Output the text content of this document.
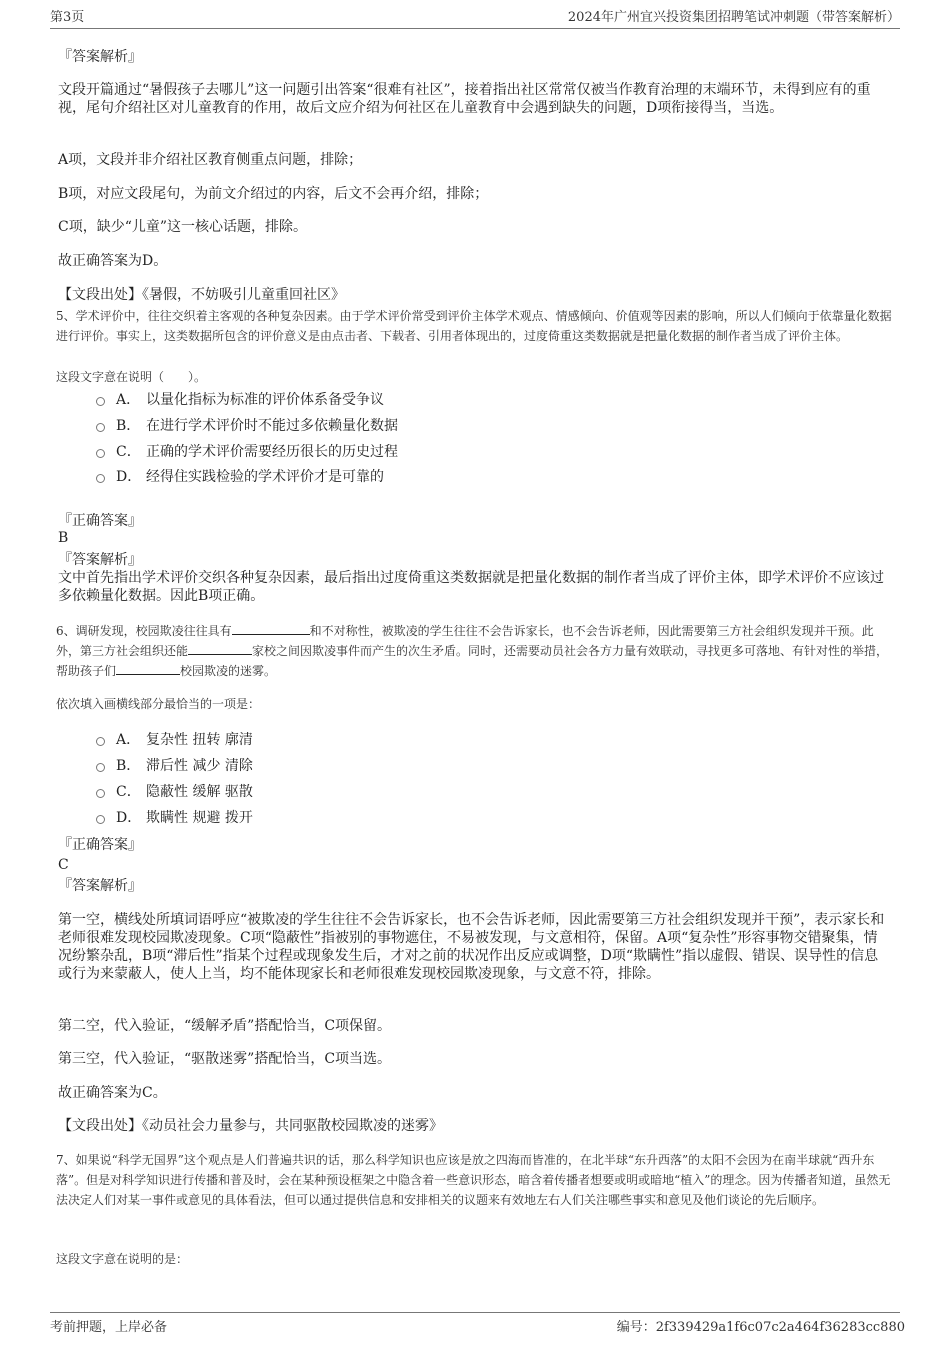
第3页	2024年广州宜兴投资集团招聘笔试冲刺题（带答案解析）
『答案解析』
文段开篇通过“暑假孩子去哪儿”这一问题引出答案“很难有社区”，接着指出社区常常仅被当作教育治理的末端环节，未得到应有的重视，尾句介绍社区对儿童教育的作用，故后文应介绍为何社区在儿童教育中会遇到缺失的问题，D项衔接得当，当选。
A项，文段并非介绍社区教育侧重点问题，排除；
B项，对应文段尾句，为前文介绍过的内容，后文不会再介绍，排除；
C项，缺少“儿童”这一核心话题，排除。
故正确答案为D。
【文段出处】《暑假，不妨吸引儿童重回社区》
5、学术评价中，往往交织着主客观的各种复杂因素。由于学术评价常受到评价主体学术观点、情感倾向、价值观等因素的影响，所以人们倾向于依靠量化数据进行评价。事实上，这类数据所包含的评价意义是由点击者、下载者、引用者体现出的，过度倚重这类数据就是把量化数据的制作者当成了评价主体。
这段文字意在说明（　　）。
A． 以量化指标为标准的评价体系备受争议
B． 在进行学术评价时不能过多依赖量化数据
C． 正确的学术评价需要经历很长的历史过程
D． 经得住实践检验的学术评价才是可靠的
『正确答案』
B
『答案解析』
文中首先指出学术评价交织各种复杂因素，最后指出过度倚重这类数据就是把量化数据的制作者当成了评价主体，即学术评价不应该过多依赖量化数据。因此B项正确。
6、调研发现，校园欺凌往往具有	和不对称性，被欺凌的学生往往不会告诉家长，也不会告诉老师，因此需要第三方社会组织发现并干预。此外，第三方社会组织还能	家校之间因欺凌事件而产生的次生矛盾。同时，还需要动员社会各方力量有效联动，寻找更多可落地、有针对性的举措，帮助孩子们	校园欺凌的迷雾。
依次填入画横线部分最恰当的一项是：
A． 复杂性 扭转 廓清
B． 滞后性 减少 清除
C． 隐蔽性 缓解 驱散
D． 欺瞒性 规避 拨开
『正确答案』
C
『答案解析』
第一空，横线处所填词语呼应“被欺凌的学生往往不会告诉家长，也不会告诉老师，因此需要第三方社会组织发现并干预”，表示家长和老师很难发现校园欺凌现象。C项“隐蔽性”指被别的事物遮住，不易被发现，与文意相符，保留。A项“复杂性”形容事物交错聚集，情况纷繁杂乱，B项“滞后性”指某个过程或现象发生后，才对之前的状况作出反应或调整，D项“欺瞒性”指以虚假、错误、误导性的信息或行为来蒙蔽人，使人上当，均不能体现家长和老师很难发现校园欺凌现象，与文意不符，排除。
第二空，代入验证，“缓解矛盾”搭配恰当，C项保留。
第三空，代入验证，“驱散迷雾”搭配恰当，C项当选。
故正确答案为C。
【文段出处】《动员社会力量参与，共同驱散校园欺凌的迷雾》
7、如果说“科学无国界”这个观点是人们普遍共识的话，那么科学知识也应该是放之四海而皆准的，在北半球“东升西落”的太阳不会因为在南半球就“西升东落”。但是对科学知识进行传播和普及时，会在某种预设框架之中隐含着一些意识形态，暗含着传播者想要或明或暗地“植入”的理念。因为传播者知道，虽然无法决定人们对某一事件或意见的具体看法，但可以通过提供信息和安排相关的议题来有效地左右人们关注哪些事实和意见及他们谈论的先后顺序。
这段文字意在说明的是：
考前押题，上岸必备	编号：2f339429a1f6c07c2a464f36283cc880
